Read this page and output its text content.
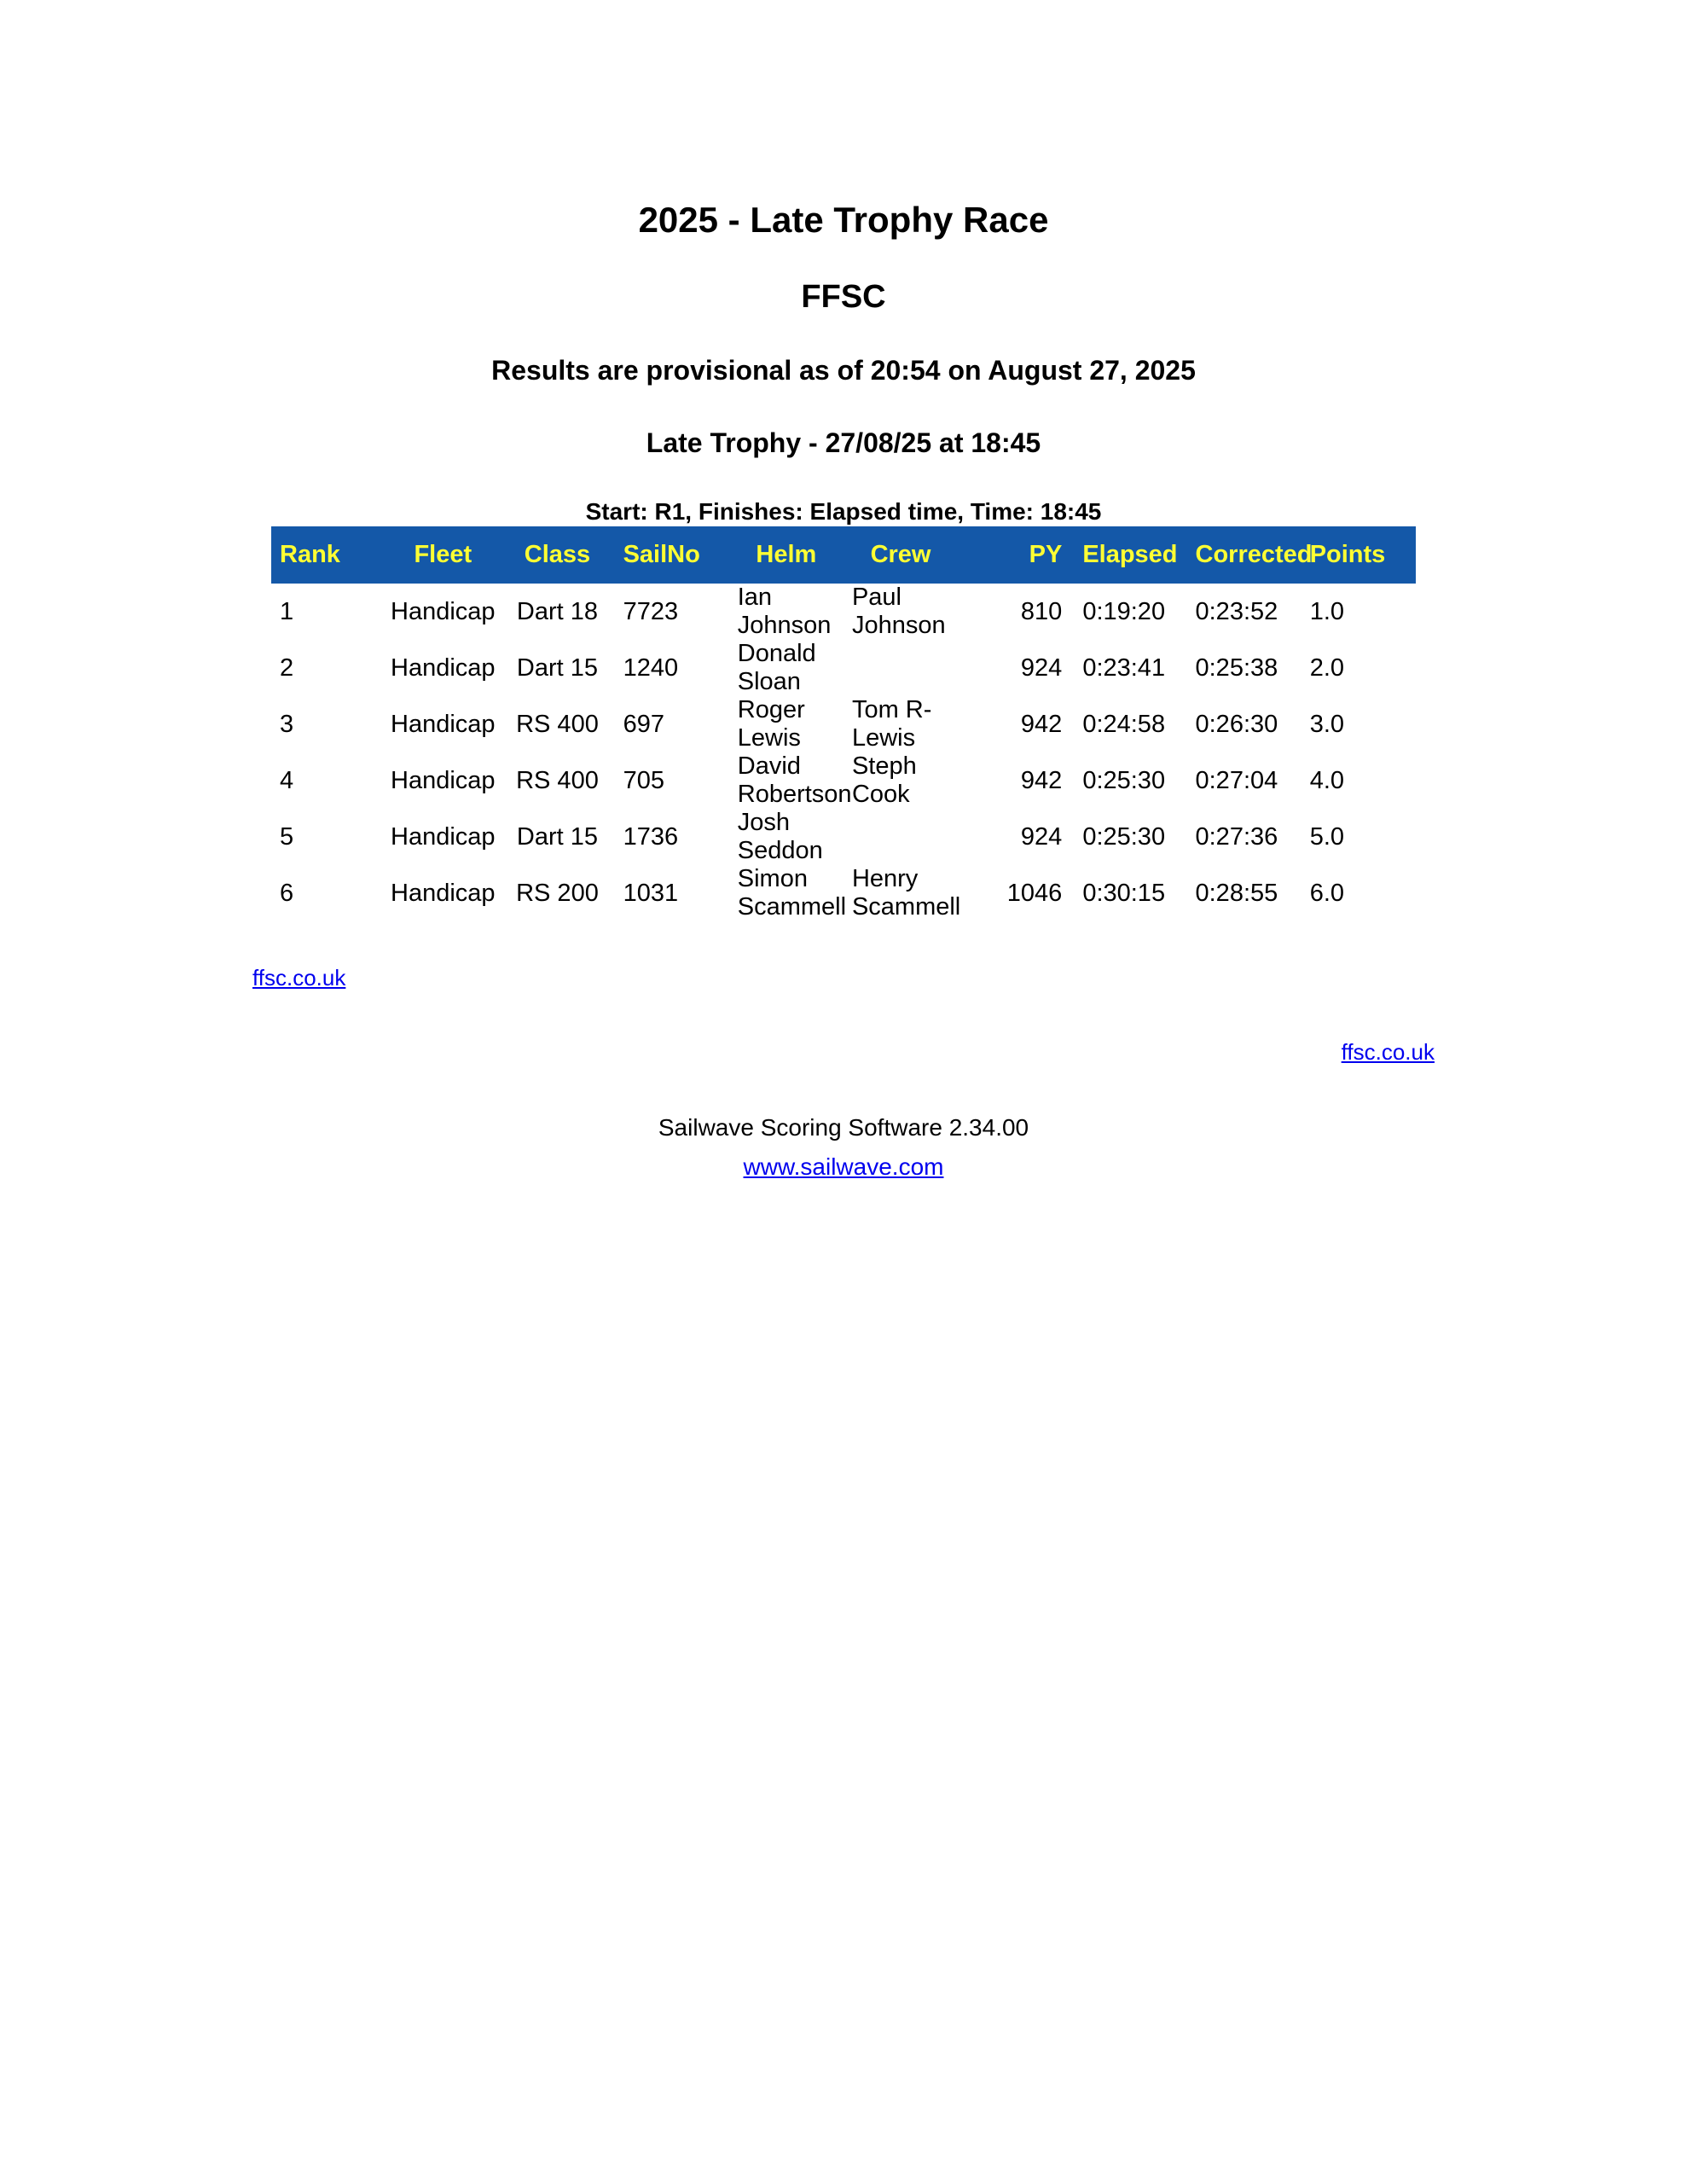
2025 - Late Trophy Race
FFSC
Results are provisional as of 20:54 on August 27, 2025
Late Trophy - 27/08/25 at 18:45
Start: R1, Finishes: Elapsed time, Time: 18:45
Rank	Fleet	Class	SailNo	Helm	Crew	PY	Elapsed	Corrected	Points
1	Handicap	Dart 18	7723	Ian Johnson	Paul Johnson	810	0:19:20	0:23:52	1.0
2	Handicap	Dart 15	1240	Donald Sloan		924	0:23:41	0:25:38	2.0
3	Handicap	RS 400	697	Roger Lewis	Tom R-Lewis	942	0:24:58	0:26:30	3.0
4	Handicap	RS 400	705	David Robertson	Steph Cook	942	0:25:30	0:27:04	4.0
5	Handicap	Dart 15	1736	Josh Seddon		924	0:25:30	0:27:36	5.0
6	Handicap	RS 200	1031	Simon Scammell	Henry Scammell	1046	0:30:15	0:28:55	6.0
ffsc.co.uk
ffsc.co.uk
Sailwave Scoring Software 2.34.00
www.sailwave.com
